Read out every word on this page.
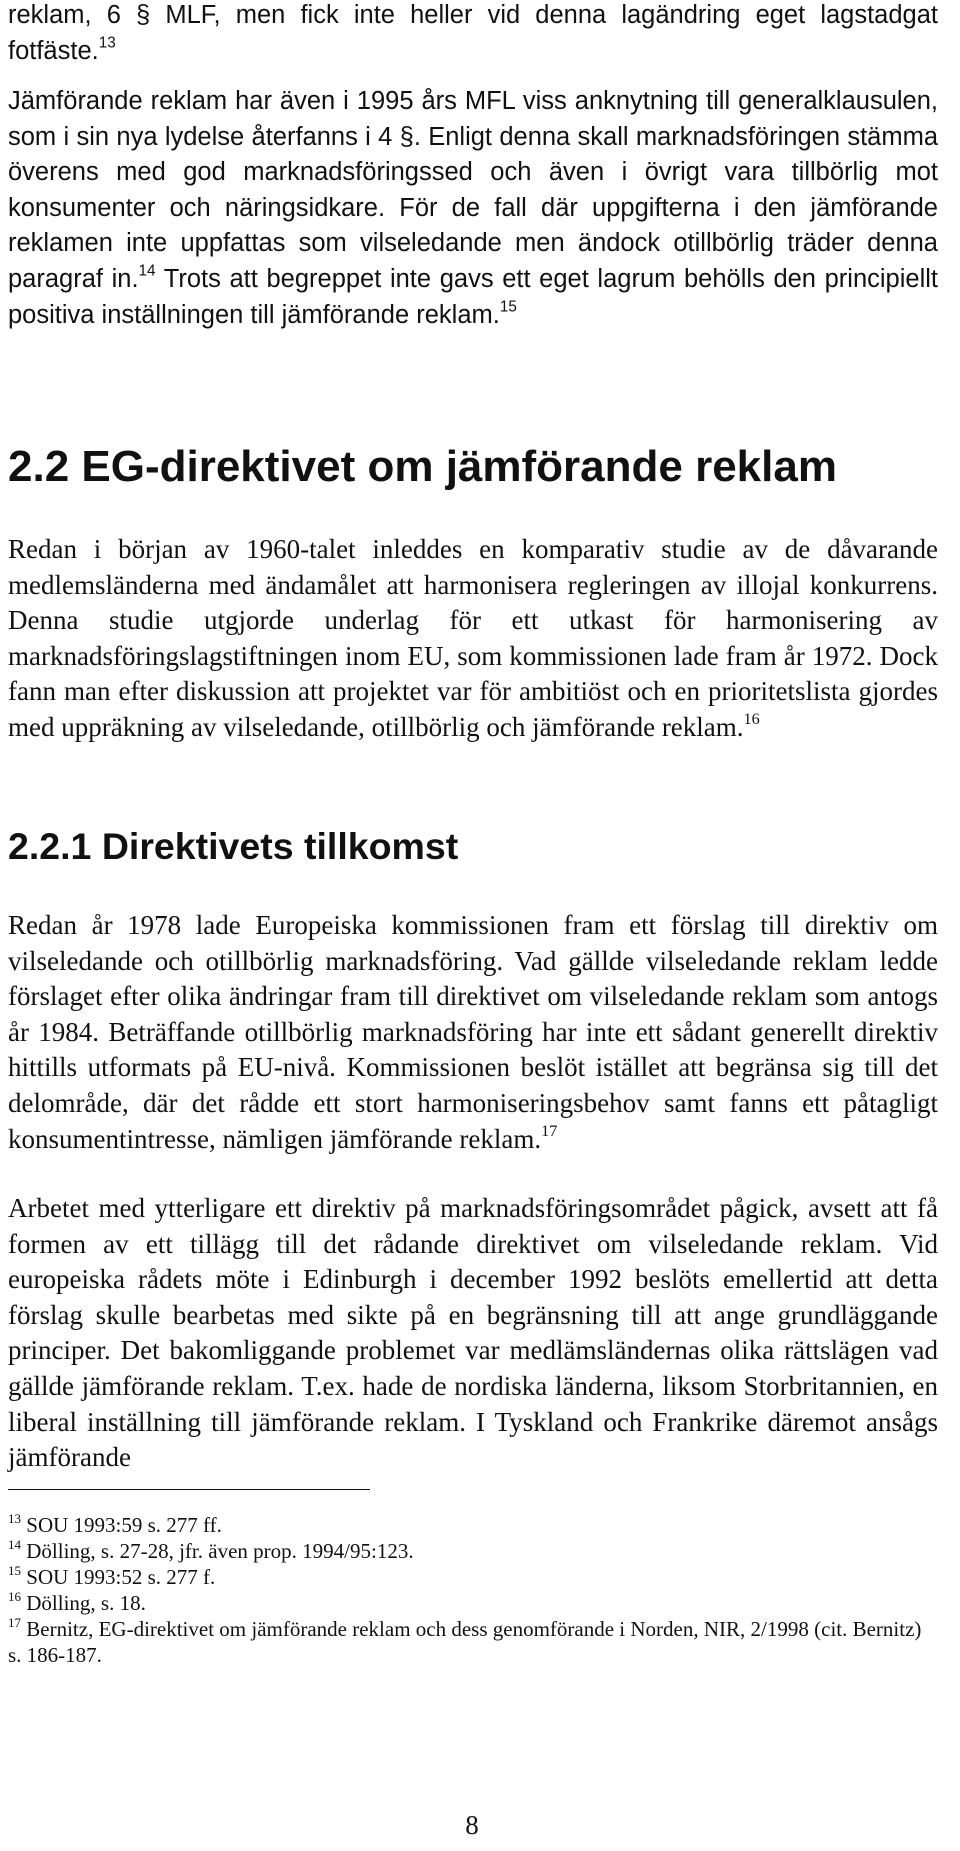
reklam, 6 § MLF, men fick inte heller vid denna lagändring eget lagstadgat fotfäste.$^{13}$

Jämförande reklam har även i 1995 års MFL viss anknytning till generalklausulen, som i sin nya lydelse återfanns i 4 §. Enligt denna skall marknadsföringen stämma överens med god marknadsföringssed och även i övrigt vara tillbörlig mot konsumenter och näringsidkare. För de fall där uppgifterna i den jämförande reklamen inte uppfattas som vilseledande men ändock otillbörlig träder denna paragraf in.$^{14}$ Trots att begreppet inte gavs ett eget lagrum behölls den principiellt positiva inställningen till jämförande reklam.$^{15}$

2.2 EG-direktivet om jämförande reklam

Redan i början av 1960-talet inleddes en komparativ studie av de dåvarande medlemsländerna med ändamålet att harmonisera regleringen av illojal konkurrens. Denna studie utgjorde underlag för ett utkast för harmonisering av marknadsföringslagstiftningen inom EU, som kommissionen lade fram år 1972. Dock fann man efter diskussion att projektet var för ambitiöst och en prioritetslista gjordes med uppräkning av vilseledande, otillbörlig och jämförande reklam.$^{16}$

2.2.1 Direktivets tillkomst

Redan år 1978 lade Europeiska kommissionen fram ett förslag till direktiv om vilseledande och otillbörlig marknadsföring. Vad gällde vilseledande reklam ledde förslaget efter olika ändringar fram till direktivet om vilseledande reklam som antogs år 1984. Beträffande otillbörlig marknadsföring har inte ett sådant generellt direktiv hittills utformats på EU-nivå. Kommissionen beslöt istället att begränsa sig till det delområde, där det rådde ett stort harmoniseringsbehov samt fanns ett påtagligt konsumentintresse, nämligen jämförande reklam.$^{17}$

Arbetet med ytterligare ett direktiv på marknadsföringsområdet pågick, avsett att få formen av ett tillägg till det rådande direktivet om vilseledande reklam. Vid europeiska rådets möte i Edinburgh i december 1992 beslöts emellertid att detta förslag skulle bearbetas med sikte på en begränsning till att ange grundläggande principer. Det bakomliggande problemet var medlämsländernas olika rättslägen vad gällde jämförande reklam. T.ex. hade de nordiska länderna, liksom Storbritannien, en liberal inställning till jämförande reklam. I Tyskland och Frankrike däremot ansågs jämförande

$^{13}$ SOU 1993:59 s. 277 ff.

$^{14}$ Dölling, s. 27-28, jfr. även prop. 1994/95:123.

$^{15}$ SOU 1993:52 s. 277 f.

$^{16}$ Dölling, s. 18.

$^{17}$ Bernitz, EG-direktivet om jämförande reklam och dess genomförande i Norden, NIR, 2/1998 (cit. Bernitz) s. 186-187.

8
